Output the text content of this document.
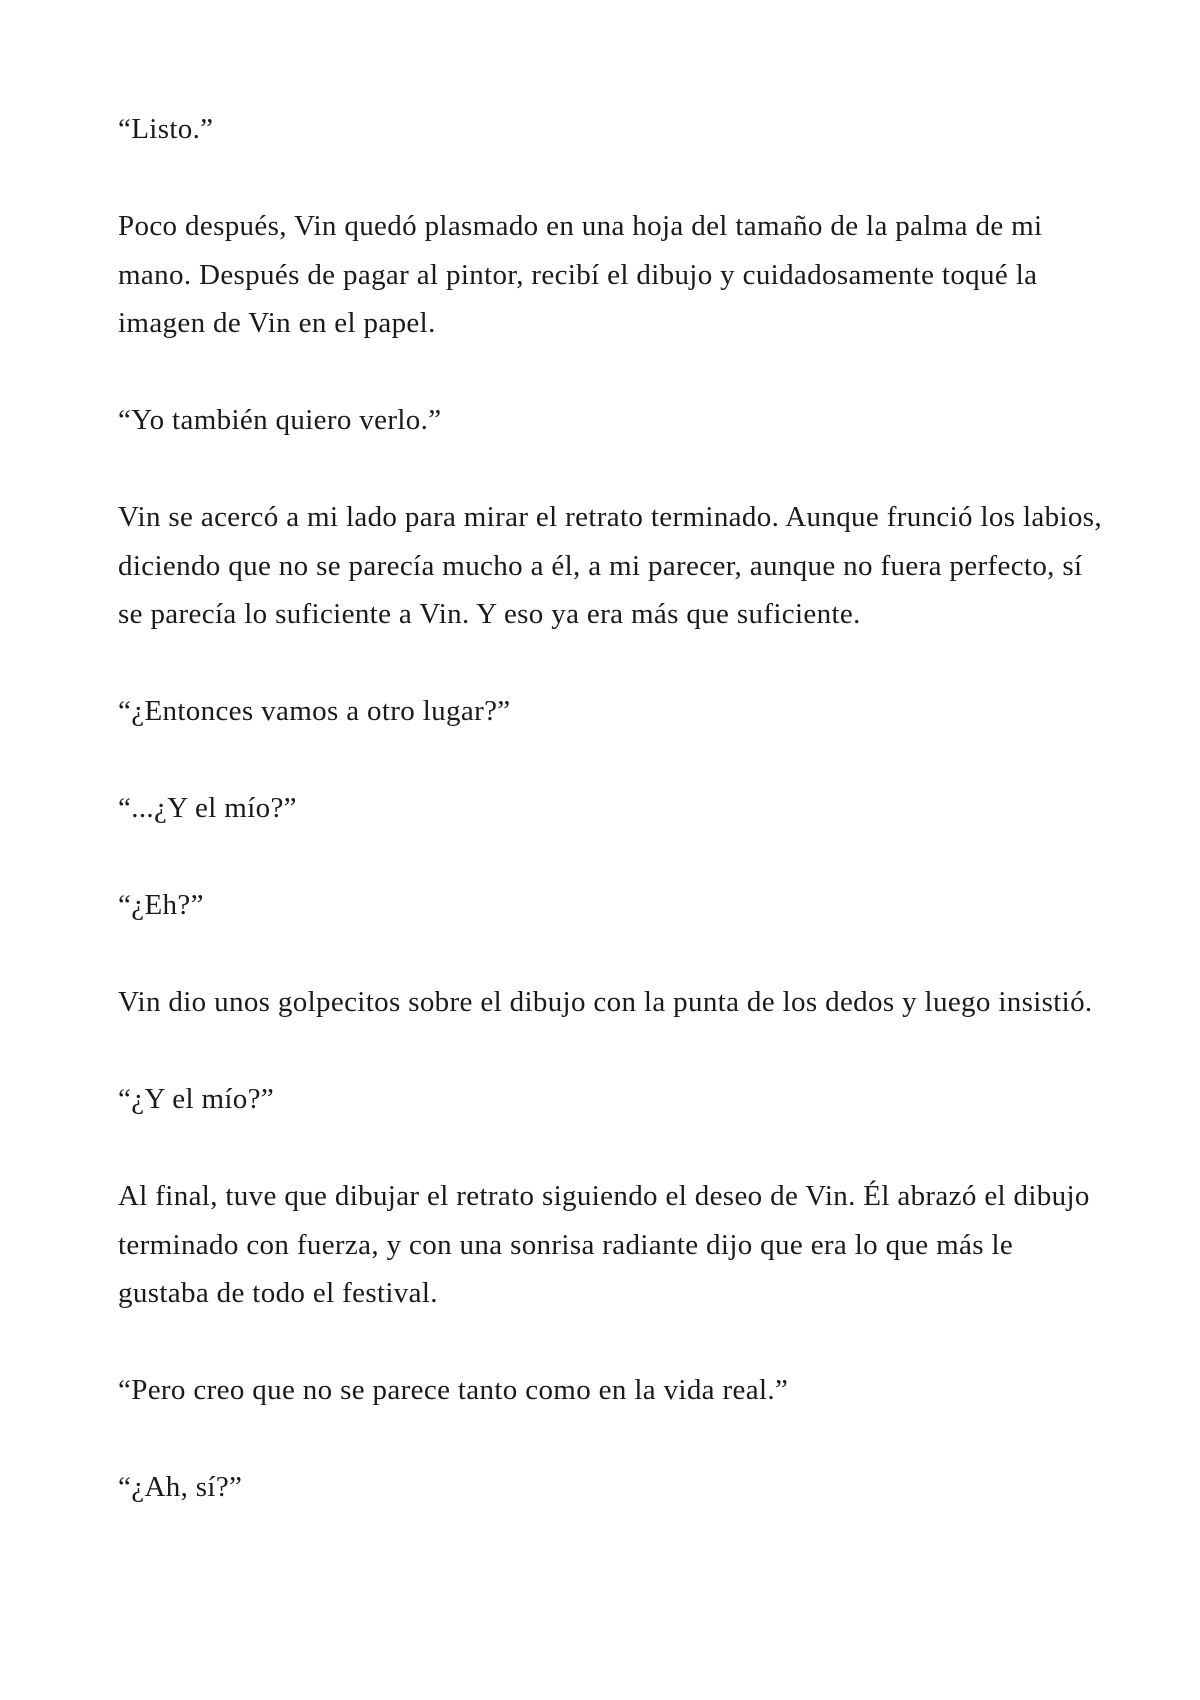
“Listo.”

Poco después, Vin quedó plasmado en una hoja del tamaño de la palma de mi mano. Después de pagar al pintor, recibí el dibujo y cuidadosamente toqué la imagen de Vin en el papel.

“Yo también quiero verlo.”

Vin se acercó a mi lado para mirar el retrato terminado. Aunque frunció los labios, diciendo que no se parecía mucho a él, a mi parecer, aunque no fuera perfecto, sí se parecía lo suficiente a Vin. Y eso ya era más que suficiente.

“¿Entonces vamos a otro lugar?”

“...¿Y el mío?”

“¿Eh?”

Vin dio unos golpecitos sobre el dibujo con la punta de los dedos y luego insistió.

“¿Y el mío?”

Al final, tuve que dibujar el retrato siguiendo el deseo de Vin. Él abrazó el dibujo terminado con fuerza, y con una sonrisa radiante dijo que era lo que más le gustaba de todo el festival.

“Pero creo que no se parece tanto como en la vida real.”

“¿Ah, sí?”
